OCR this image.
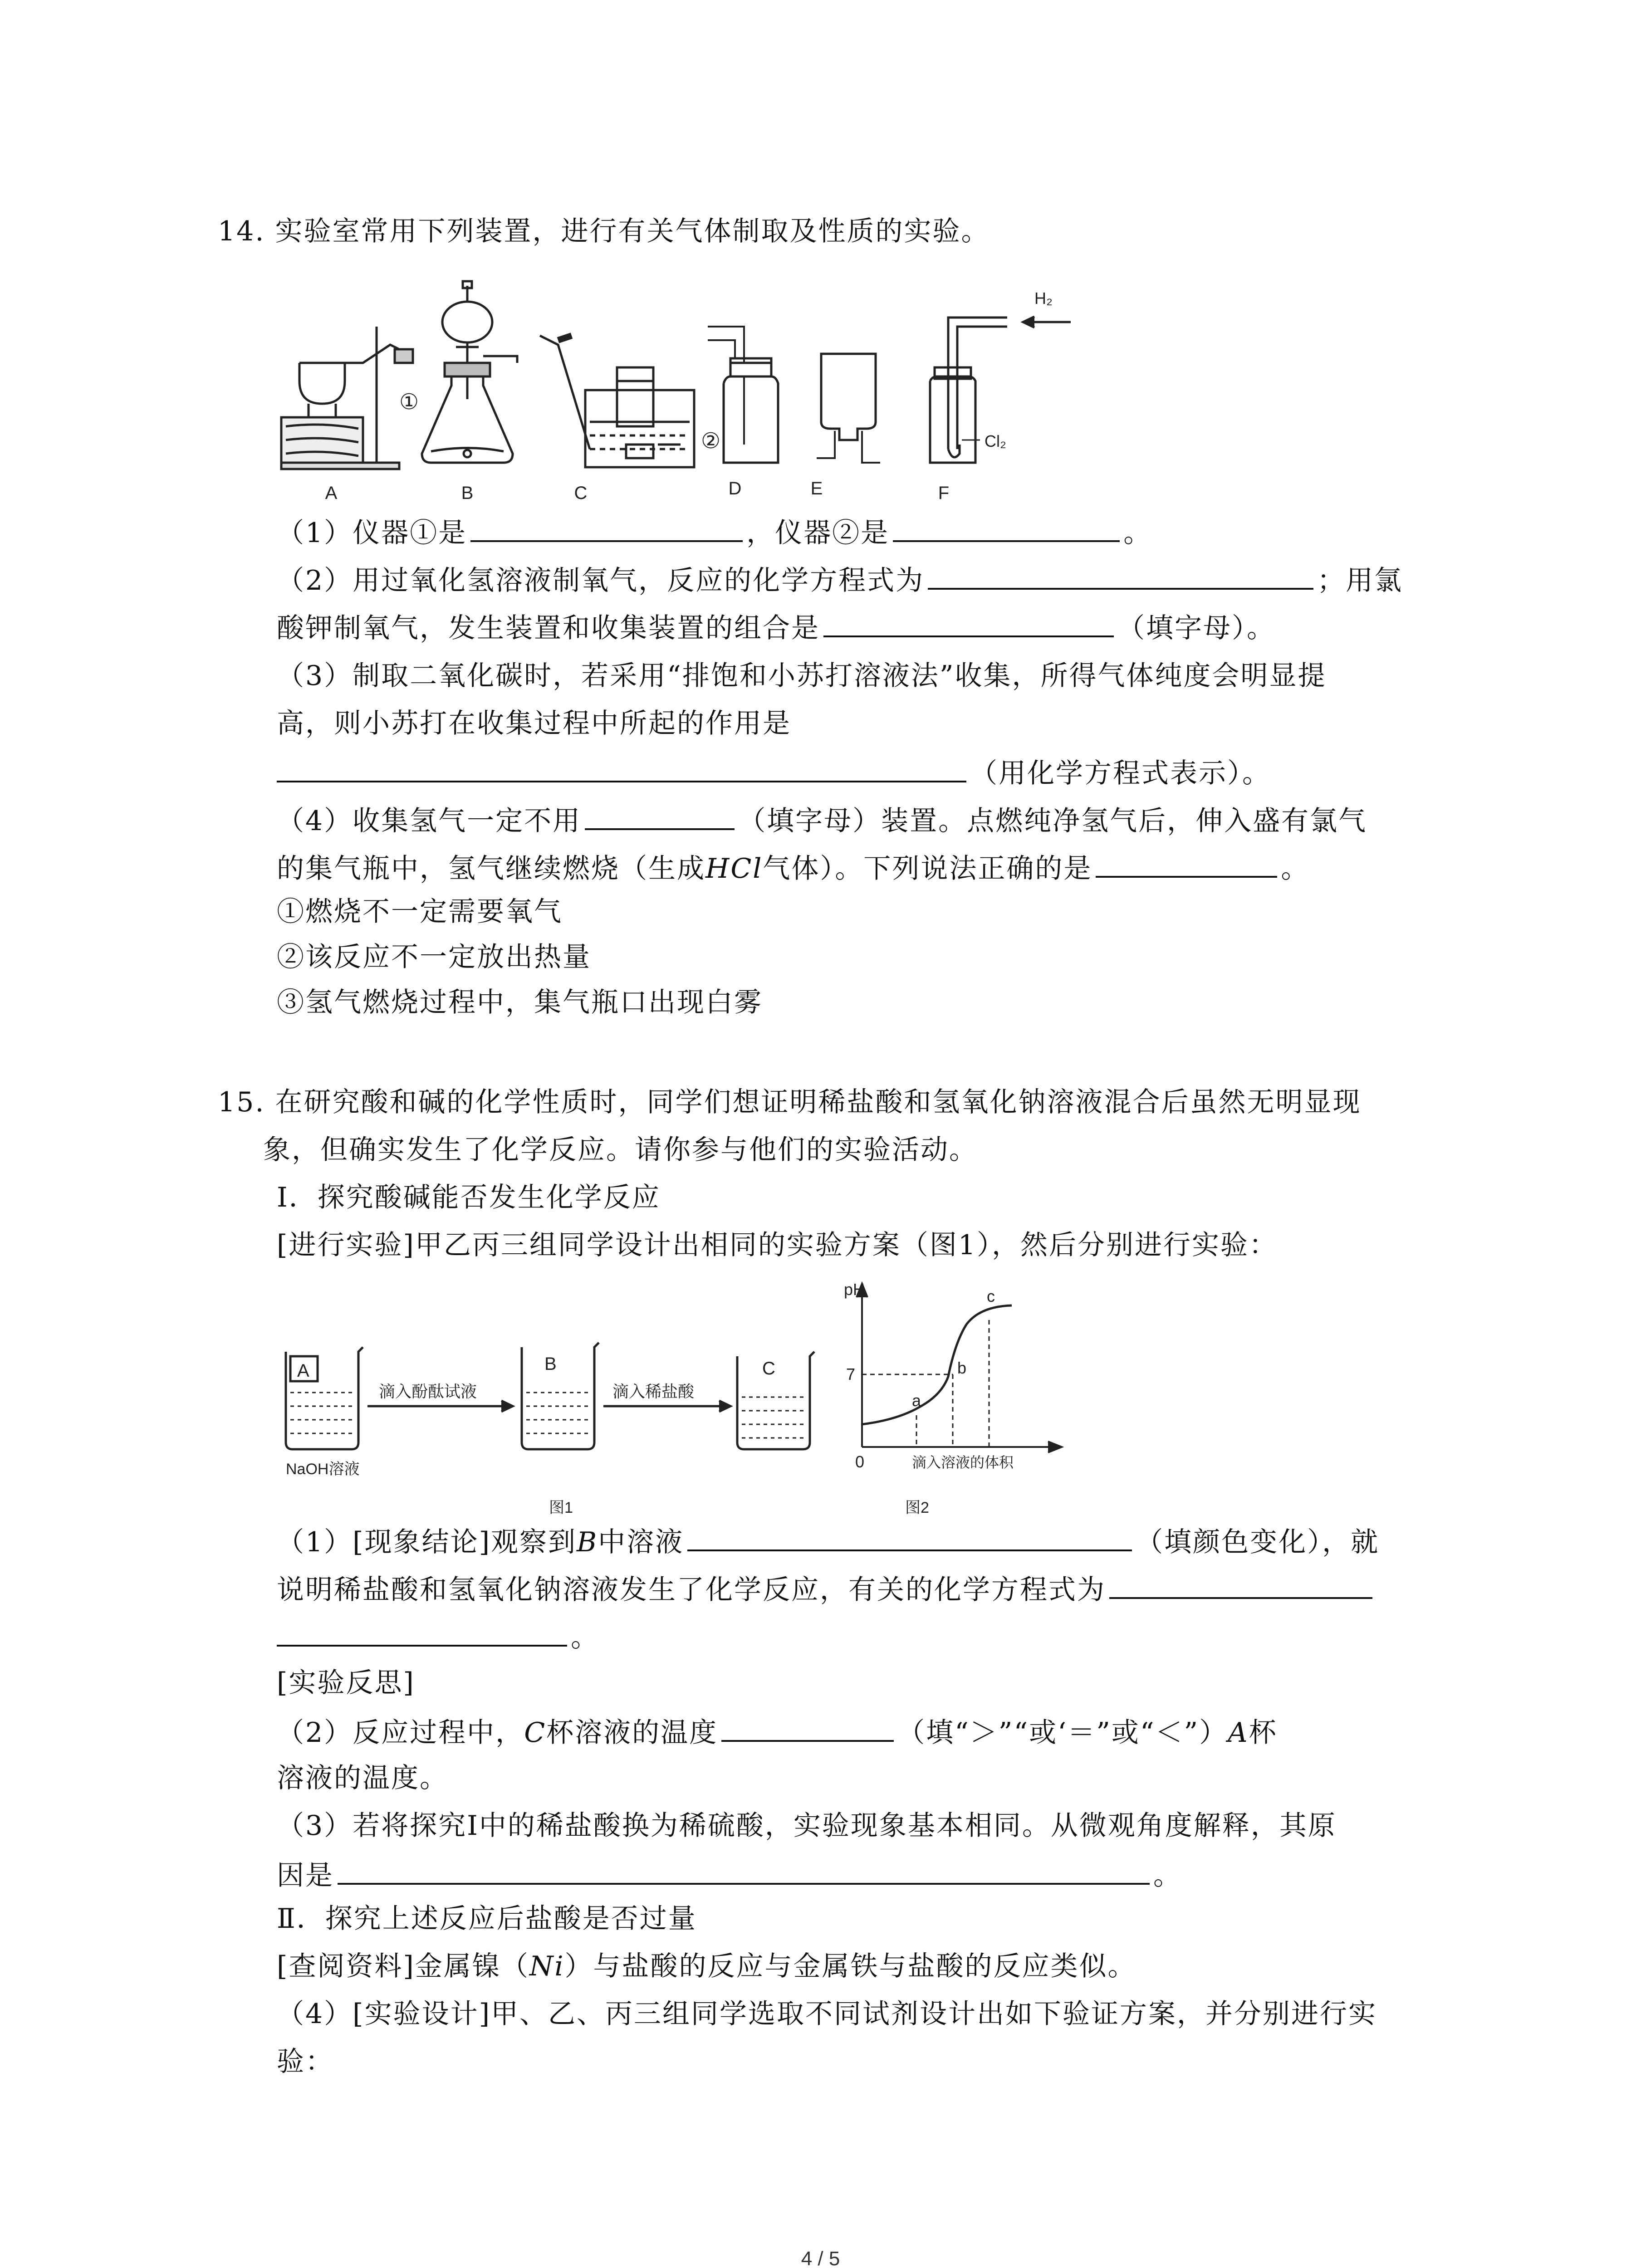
14. 实验室常用下列装置，进行有关气体制取及性质的实验。
①
②
H₂
Cl₂
A	B	C	D	E	F
（1）仪器①是	，仪器②是	。
（2）用过氧化氢溶液制氧气，反应的化学方程式为	；用氯
酸钾制氧气，发生装置和收集装置的组合是	（填字母）。
（3）制取二氧化碳时，若采用“排饱和小苏打溶液法”收集，所得气体纯度会明显提
高，则小苏打在收集过程中所起的作用是
（用化学方程式表示）。
（4）收集氢气一定不用	（填字母）装置。点燃纯净氢气后，伸入盛有氯气
的集气瓶中，氢气继续燃烧（生成HCl气体）。下列说法正确的是	。
①燃烧不一定需要氧气
②该反应不一定放出热量
③氢气燃烧过程中，集气瓶口出现白雾
15. 在研究酸和碱的化学性质时，同学们想证明稀盐酸和氢氧化钠溶液混合后虽然无明显现
象，但确实发生了化学反应。请你参与他们的实验活动。
Ⅰ．探究酸碱能否发生化学反应
[进行实验]甲乙丙三组同学设计出相同的实验方案（图1），然后分别进行实验：
A	B	C
滴入酚酞试液	滴入稀盐酸
NaOH溶液
图1
pH
7
0
a
b
c
滴入溶液的体积
图2
（1）[现象结论]观察到B中溶液	（填颜色变化），就
说明稀盐酸和氢氧化钠溶液发生了化学反应，有关的化学方程式为
。
[实验反思]
（2）反应过程中，C杯溶液的温度	（填“＞”“或‘＝”或“＜”）A杯
溶液的温度。
（3）若将探究Ⅰ中的稀盐酸换为稀硫酸，实验现象基本相同。从微观角度解释，其原
因是	。
Ⅱ．探究上述反应后盐酸是否过量
[查阅资料]金属镍（Ni）与盐酸的反应与金属铁与盐酸的反应类似。
（4）[实验设计]甲、乙、丙三组同学选取不同试剂设计出如下验证方案，并分别进行实
验：
4 / 5
